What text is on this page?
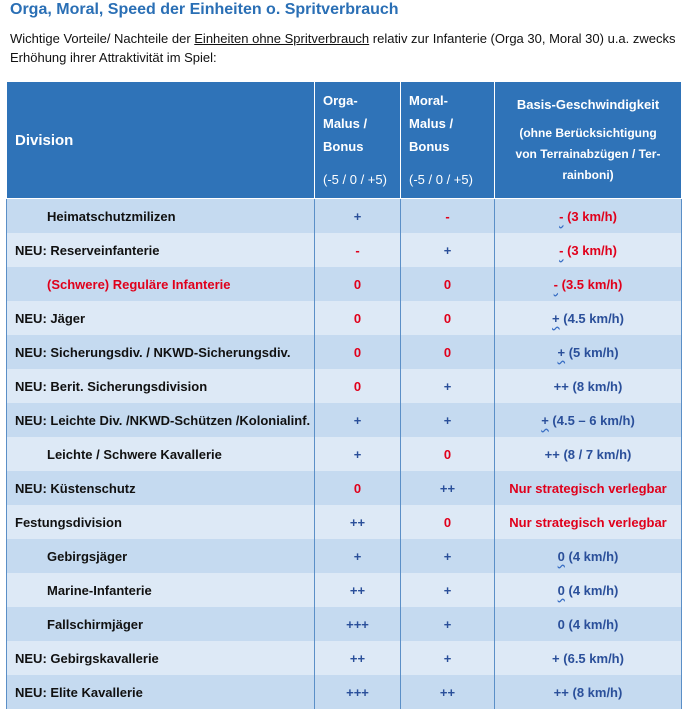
Orga, Moral, Speed der Einheiten o. Spritverbrauch
Wichtige Vorteile/ Nachteile der Einheiten ohne Spritverbrauch relativ zur Infanterie (Orga 30, Moral 30) u.a. zwecks Erhöhung ihrer Attraktivität im Spiel:
Division	Orga-
Malus /
Bonus
(-5 / 0 / +5)	Moral-
Malus /
Bonus
(-5 / 0 / +5)	Basis-Geschwindigkeit
(ohne Berücksichtigung
von Terrainabzügen / Ter-
rainboni)

Heimatschutzmilizen	+	-	- (3 km/h)
NEU: Reserveinfanterie	-	+	- (3 km/h)
(Schwere) Reguläre Infanterie	0	0	- (3.5 km/h)
NEU: Jäger	0	0	+ (4.5 km/h)
NEU: Sicherungsdiv. / NKWD-Sicherungsdiv.	0	0	+ (5 km/h)
NEU: Berit. Sicherungsdivision	0	+	++ (8 km/h)
NEU: Leichte Div. /NKWD-Schützen /Kolonialinf.	+	+	+ (4.5 – 6 km/h)
Leichte / Schwere Kavallerie	+	0	++ (8 / 7 km/h)
NEU: Küstenschutz	0	++	Nur strategisch verlegbar
Festungsdivision	++	0	Nur strategisch verlegbar
Gebirgsjäger	+	+	0 (4 km/h)
Marine-Infanterie	++	+	0 (4 km/h)
Fallschirmjäger	+++	+	0 (4 km/h)
NEU: Gebirgskavallerie	++	+	+ (6.5 km/h)
NEU: Elite Kavallerie	+++	++	++ (8 km/h)
